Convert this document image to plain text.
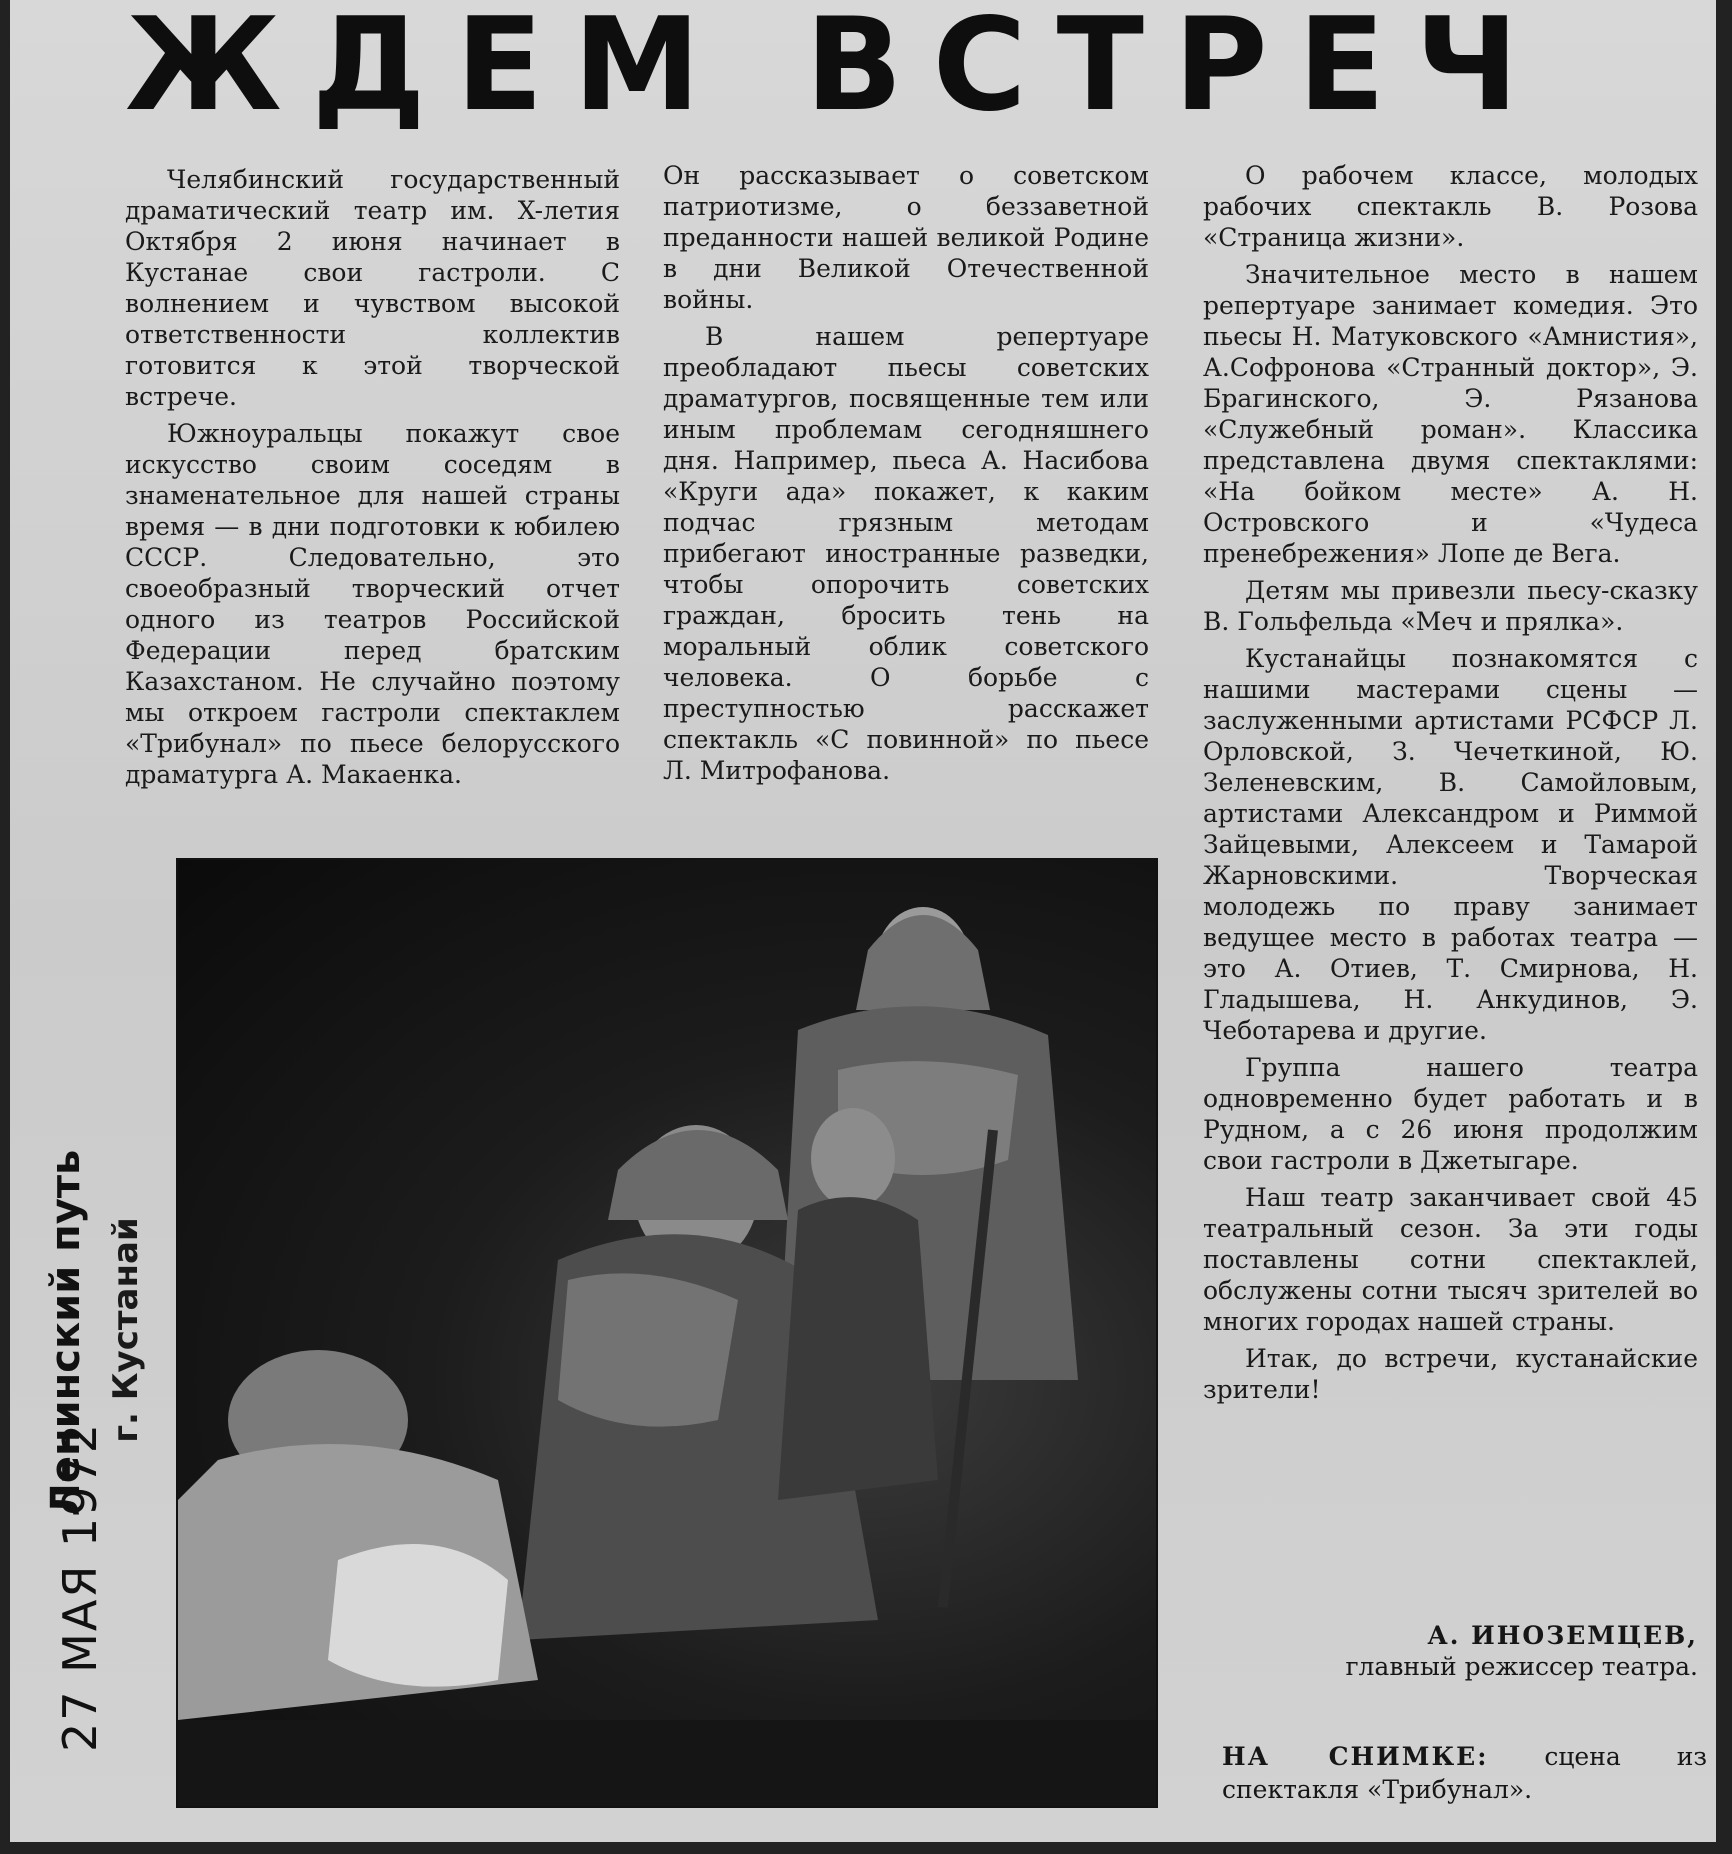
ЖДЕМ ВСТРЕЧ

Челябинский государственный драматический театр им. X-летия Октября 2 июня начинает в Кустанае свои гастроли. С волнением и чувством высокой ответственности коллектив готовится к этой творческой встрече.

Южноуральцы покажут свое искусство своим соседям в знаменательное для нашей страны время — в дни подготовки к юбилею СССР. Следовательно, это своеобразный творческий отчет одного из театров Российской Федерации перед братским Казахстаном. Не случайно поэтому мы откроем гастроли спектаклем «Трибунал» по пьесе белорусского драматурга А. Макаенка.

Он рассказывает о советском патриотизме, о беззаветной преданности нашей великой Родине в дни Великой Отечественной войны.

В нашем репертуаре преобладают пьесы советских драматургов, посвященные тем или иным проблемам сегодняшнего дня. Например, пьеса А. Насибова «Круги ада» покажет, к каким подчас грязным методам прибегают иностранные разведки, чтобы опорочить советских граждан, бросить тень на моральный облик советского человека. О борьбе с преступностью расскажет спектакль «С повинной» по пьесе Л. Митрофанова.

О рабочем классе, молодых рабочих спектакль В. Розова «Страница жизни».

Значительное место в нашем репертуаре занимает комедия. Это пьесы Н. Матуковского «Амнистия», А.Софронова «Странный доктор», Э. Брагинского, Э. Рязанова «Служебный роман». Классика представлена двумя спектаклями: «На бойком месте» А. Н. Островского и «Чудеса пренебрежения» Лопе де Вега.

Детям мы привезли пьесу-сказку В. Гольфельда «Меч и прялка».

Кустанайцы познакомятся с нашими мастерами сцены — заслуженными артистами РСФСР Л. Орловской, З. Чечеткиной, Ю. Зеленевским, В. Самойловым, артистами Александром и Риммой Зайцевыми, Алексеем и Тамарой Жарновскими. Творческая молодежь по праву занимает ведущее место в работах театра — это А. Отиев, Т. Смирнова, Н. Гладышева, Н. Анкудинов, Э. Чеботарева и другие.

Группа нашего театра одновременно будет работать и в Рудном, а с 26 июня продолжим свои гастроли в Джетыгаре.

Наш театр заканчивает свой 45 театральный сезон. За эти годы поставлены сотни спектаклей, обслужены сотни тысяч зрителей во многих городах нашей страны.

Итак, до встречи, кустанайские зрители!

Ленинский путь г. Кустанай
27 МАЯ 1972	А. ИНОЗЕМЦЕВ,
главный режиссер театра.
НА СНИМКЕ: сцена из спектакля «Трибунал».
